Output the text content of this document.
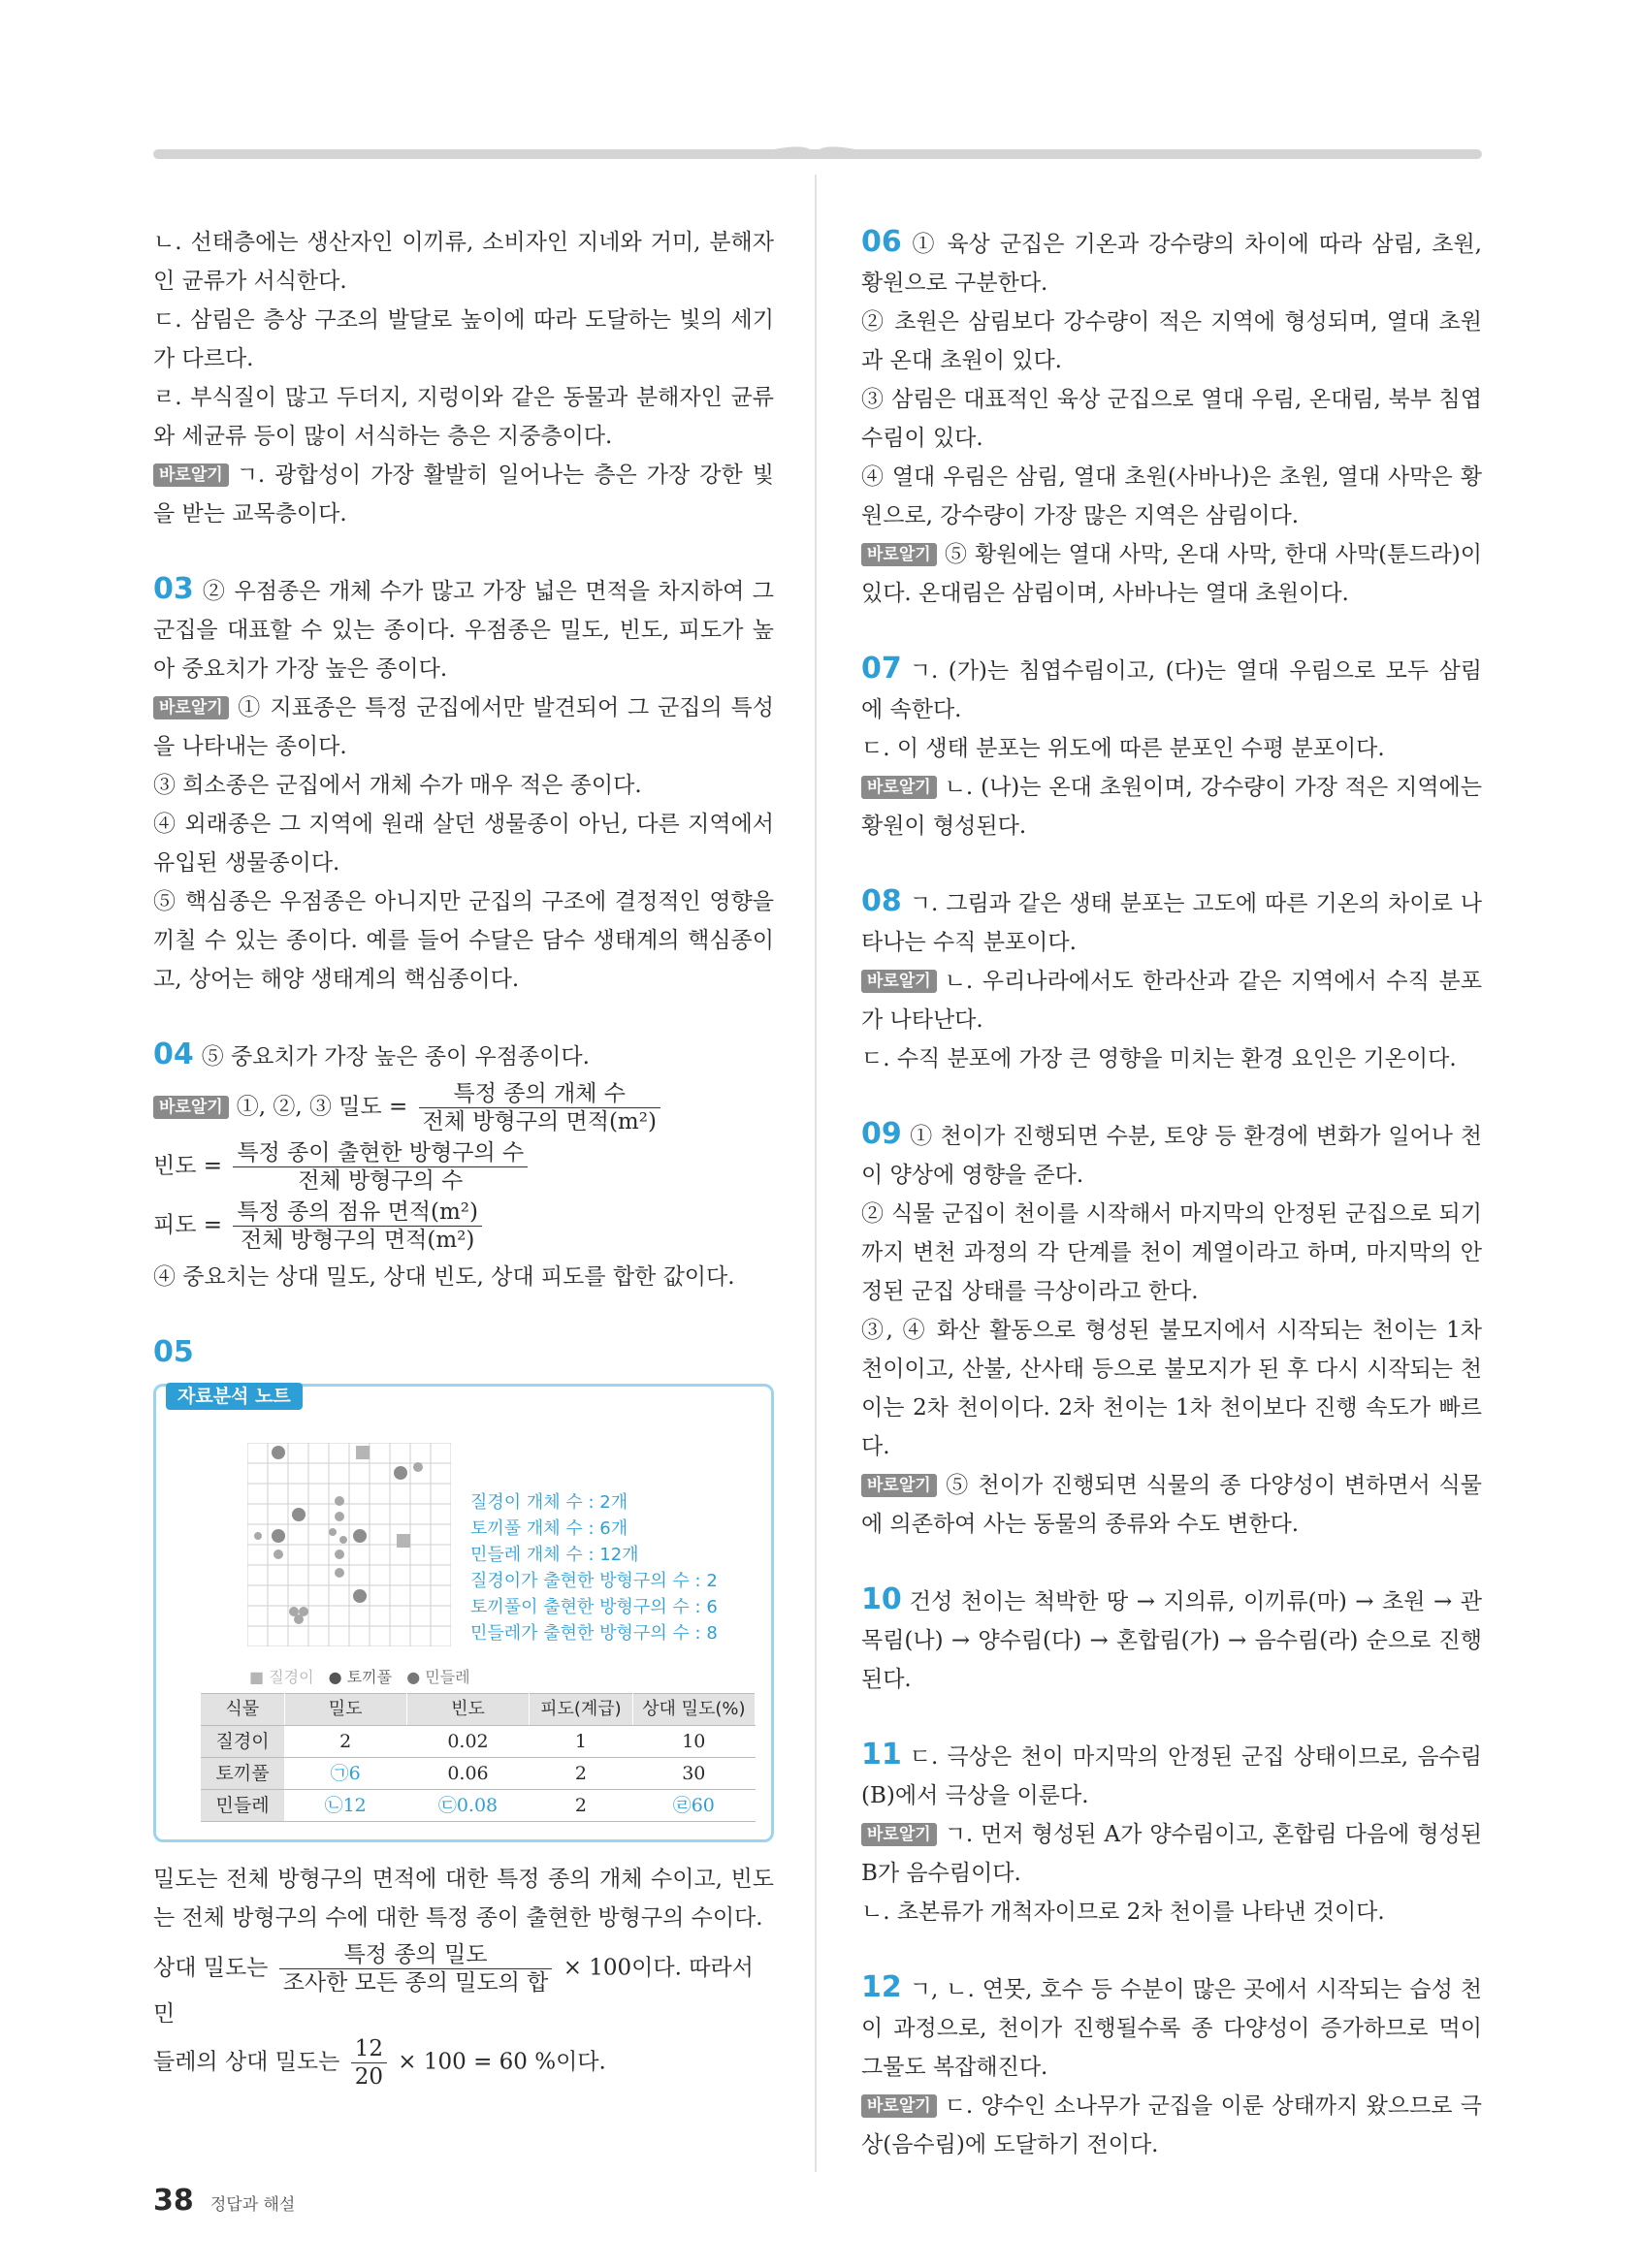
ㄴ. 선태층에는 생산자인 이끼류, 소비자인 지네와 거미, 분해자인 균류가 서식한다.

ㄷ. 삼림은 층상 구조의 발달로 높이에 따라 도달하는 빛의 세기가 다르다.

ㄹ. 부식질이 많고 두더지, 지렁이와 같은 동물과 분해자인 균류와 세균류 등이 많이 서식하는 층은 지중층이다.

바로알기 ㄱ. 광합성이 가장 활발히 일어나는 층은 가장 강한 빛을 받는 교목층이다.

03 ② 우점종은 개체 수가 많고 가장 넓은 면적을 차지하여 그 군집을 대표할 수 있는 종이다. 우점종은 밀도, 빈도, 피도가 높아 중요치가 가장 높은 종이다.

바로알기 ① 지표종은 특정 군집에서만 발견되어 그 군집의 특성을 나타내는 종이다.

③ 희소종은 군집에서 개체 수가 매우 적은 종이다.

④ 외래종은 그 지역에 원래 살던 생물종이 아닌, 다른 지역에서 유입된 생물종이다.

⑤ 핵심종은 우점종은 아니지만 군집의 구조에 결정적인 영향을 끼칠 수 있는 종이다. 예를 들어 수달은 담수 생태계의 핵심종이고, 상어는 해양 생태계의 핵심종이다.

04 ⑤ 중요치가 가장 높은 종이 우점종이다.

바로알기 ①, ②, ③ 밀도 = $\frac{\text{특정 종의 개체 수}}{\text{전체 방형구의 면적(m²)}}$
빈도 = $\frac{\text{특정 종이 출현한 방형구의 수}}{\text{전체 방형구의 수}}$
피도 = $\frac{\text{특정 종의 점유 면적(m²)}}{\text{전체 방형구의 면적(m²)}}$

④ 중요치는 상대 밀도, 상대 빈도, 상대 피도를 합한 값이다.

05

자료분석 노트
질경이 개체 수 : 2개
토끼풀 개체 수 : 6개
민들레 개체 수 : 12개
질경이가 출현한 방형구의 수 : 2
토끼풀이 출현한 방형구의 수 : 6
민들레가 출현한 방형구의 수 : 8
■ 질경이 ● 토끼풀 ● 민들레
식물	밀도	빈도	피도(계급)	상대 밀도(%)
질경이	2	0.02	1	10
토끼풀	㉠6	0.06	2	30
민들레	㉡12	㉢0.08	2	㉣60

밀도는 전체 방형구의 면적에 대한 특정 종의 개체 수이고, 빈도는 전체 방형구의 수에 대한 특정 종이 출현한 방형구의 수이다.

상대 밀도는 $\frac{\text{특정 종의 밀도}}{\text{조사한 모든 종의 밀도의 합}} \times 100$이다. 따라서 민
들레의 상대 밀도는 $\frac{12}{20} \times 100 = 60$ %이다.

06 ① 육상 군집은 기온과 강수량의 차이에 따라 삼림, 초원, 황원으로 구분한다.

② 초원은 삼림보다 강수량이 적은 지역에 형성되며, 열대 초원과 온대 초원이 있다.

③ 삼림은 대표적인 육상 군집으로 열대 우림, 온대림, 북부 침엽수림이 있다.

④ 열대 우림은 삼림, 열대 초원(사바나)은 초원, 열대 사막은 황원으로, 강수량이 가장 많은 지역은 삼림이다.

바로알기 ⑤ 황원에는 열대 사막, 온대 사막, 한대 사막(툰드라)이 있다. 온대림은 삼림이며, 사바나는 열대 초원이다.

07 ㄱ. (가)는 침엽수림이고, (다)는 열대 우림으로 모두 삼림에 속한다.

ㄷ. 이 생태 분포는 위도에 따른 분포인 수평 분포이다.

바로알기 ㄴ. (나)는 온대 초원이며, 강수량이 가장 적은 지역에는 황원이 형성된다.

08 ㄱ. 그림과 같은 생태 분포는 고도에 따른 기온의 차이로 나타나는 수직 분포이다.

바로알기 ㄴ. 우리나라에서도 한라산과 같은 지역에서 수직 분포가 나타난다.

ㄷ. 수직 분포에 가장 큰 영향을 미치는 환경 요인은 기온이다.

09 ① 천이가 진행되면 수분, 토양 등 환경에 변화가 일어나 천이 양상에 영향을 준다.

② 식물 군집이 천이를 시작해서 마지막의 안정된 군집으로 되기까지 변천 과정의 각 단계를 천이 계열이라고 하며, 마지막의 안정된 군집 상태를 극상이라고 한다.

③, ④ 화산 활동으로 형성된 불모지에서 시작되는 천이는 1차 천이이고, 산불, 산사태 등으로 불모지가 된 후 다시 시작되는 천이는 2차 천이이다. 2차 천이는 1차 천이보다 진행 속도가 빠르다.

바로알기 ⑤ 천이가 진행되면 식물의 종 다양성이 변하면서 식물에 의존하여 사는 동물의 종류와 수도 변한다.

10 건성 천이는 척박한 땅 → 지의류, 이끼류(마) → 초원 → 관목림(나) → 양수림(다) → 혼합림(가) → 음수림(라) 순으로 진행된다.

11 ㄷ. 극상은 천이 마지막의 안정된 군집 상태이므로, 음수림(B)에서 극상을 이룬다.

바로알기 ㄱ. 먼저 형성된 A가 양수림이고, 혼합림 다음에 형성된 B가 음수림이다.

ㄴ. 초본류가 개척자이므로 2차 천이를 나타낸 것이다.

12 ㄱ, ㄴ. 연못, 호수 등 수분이 많은 곳에서 시작되는 습성 천이 과정으로, 천이가 진행될수록 종 다양성이 증가하므로 먹이 그물도 복잡해진다.

바로알기 ㄷ. 양수인 소나무가 군집을 이룬 상태까지 왔으므로 극상(음수림)에 도달하기 전이다.

38 정답과 해설
